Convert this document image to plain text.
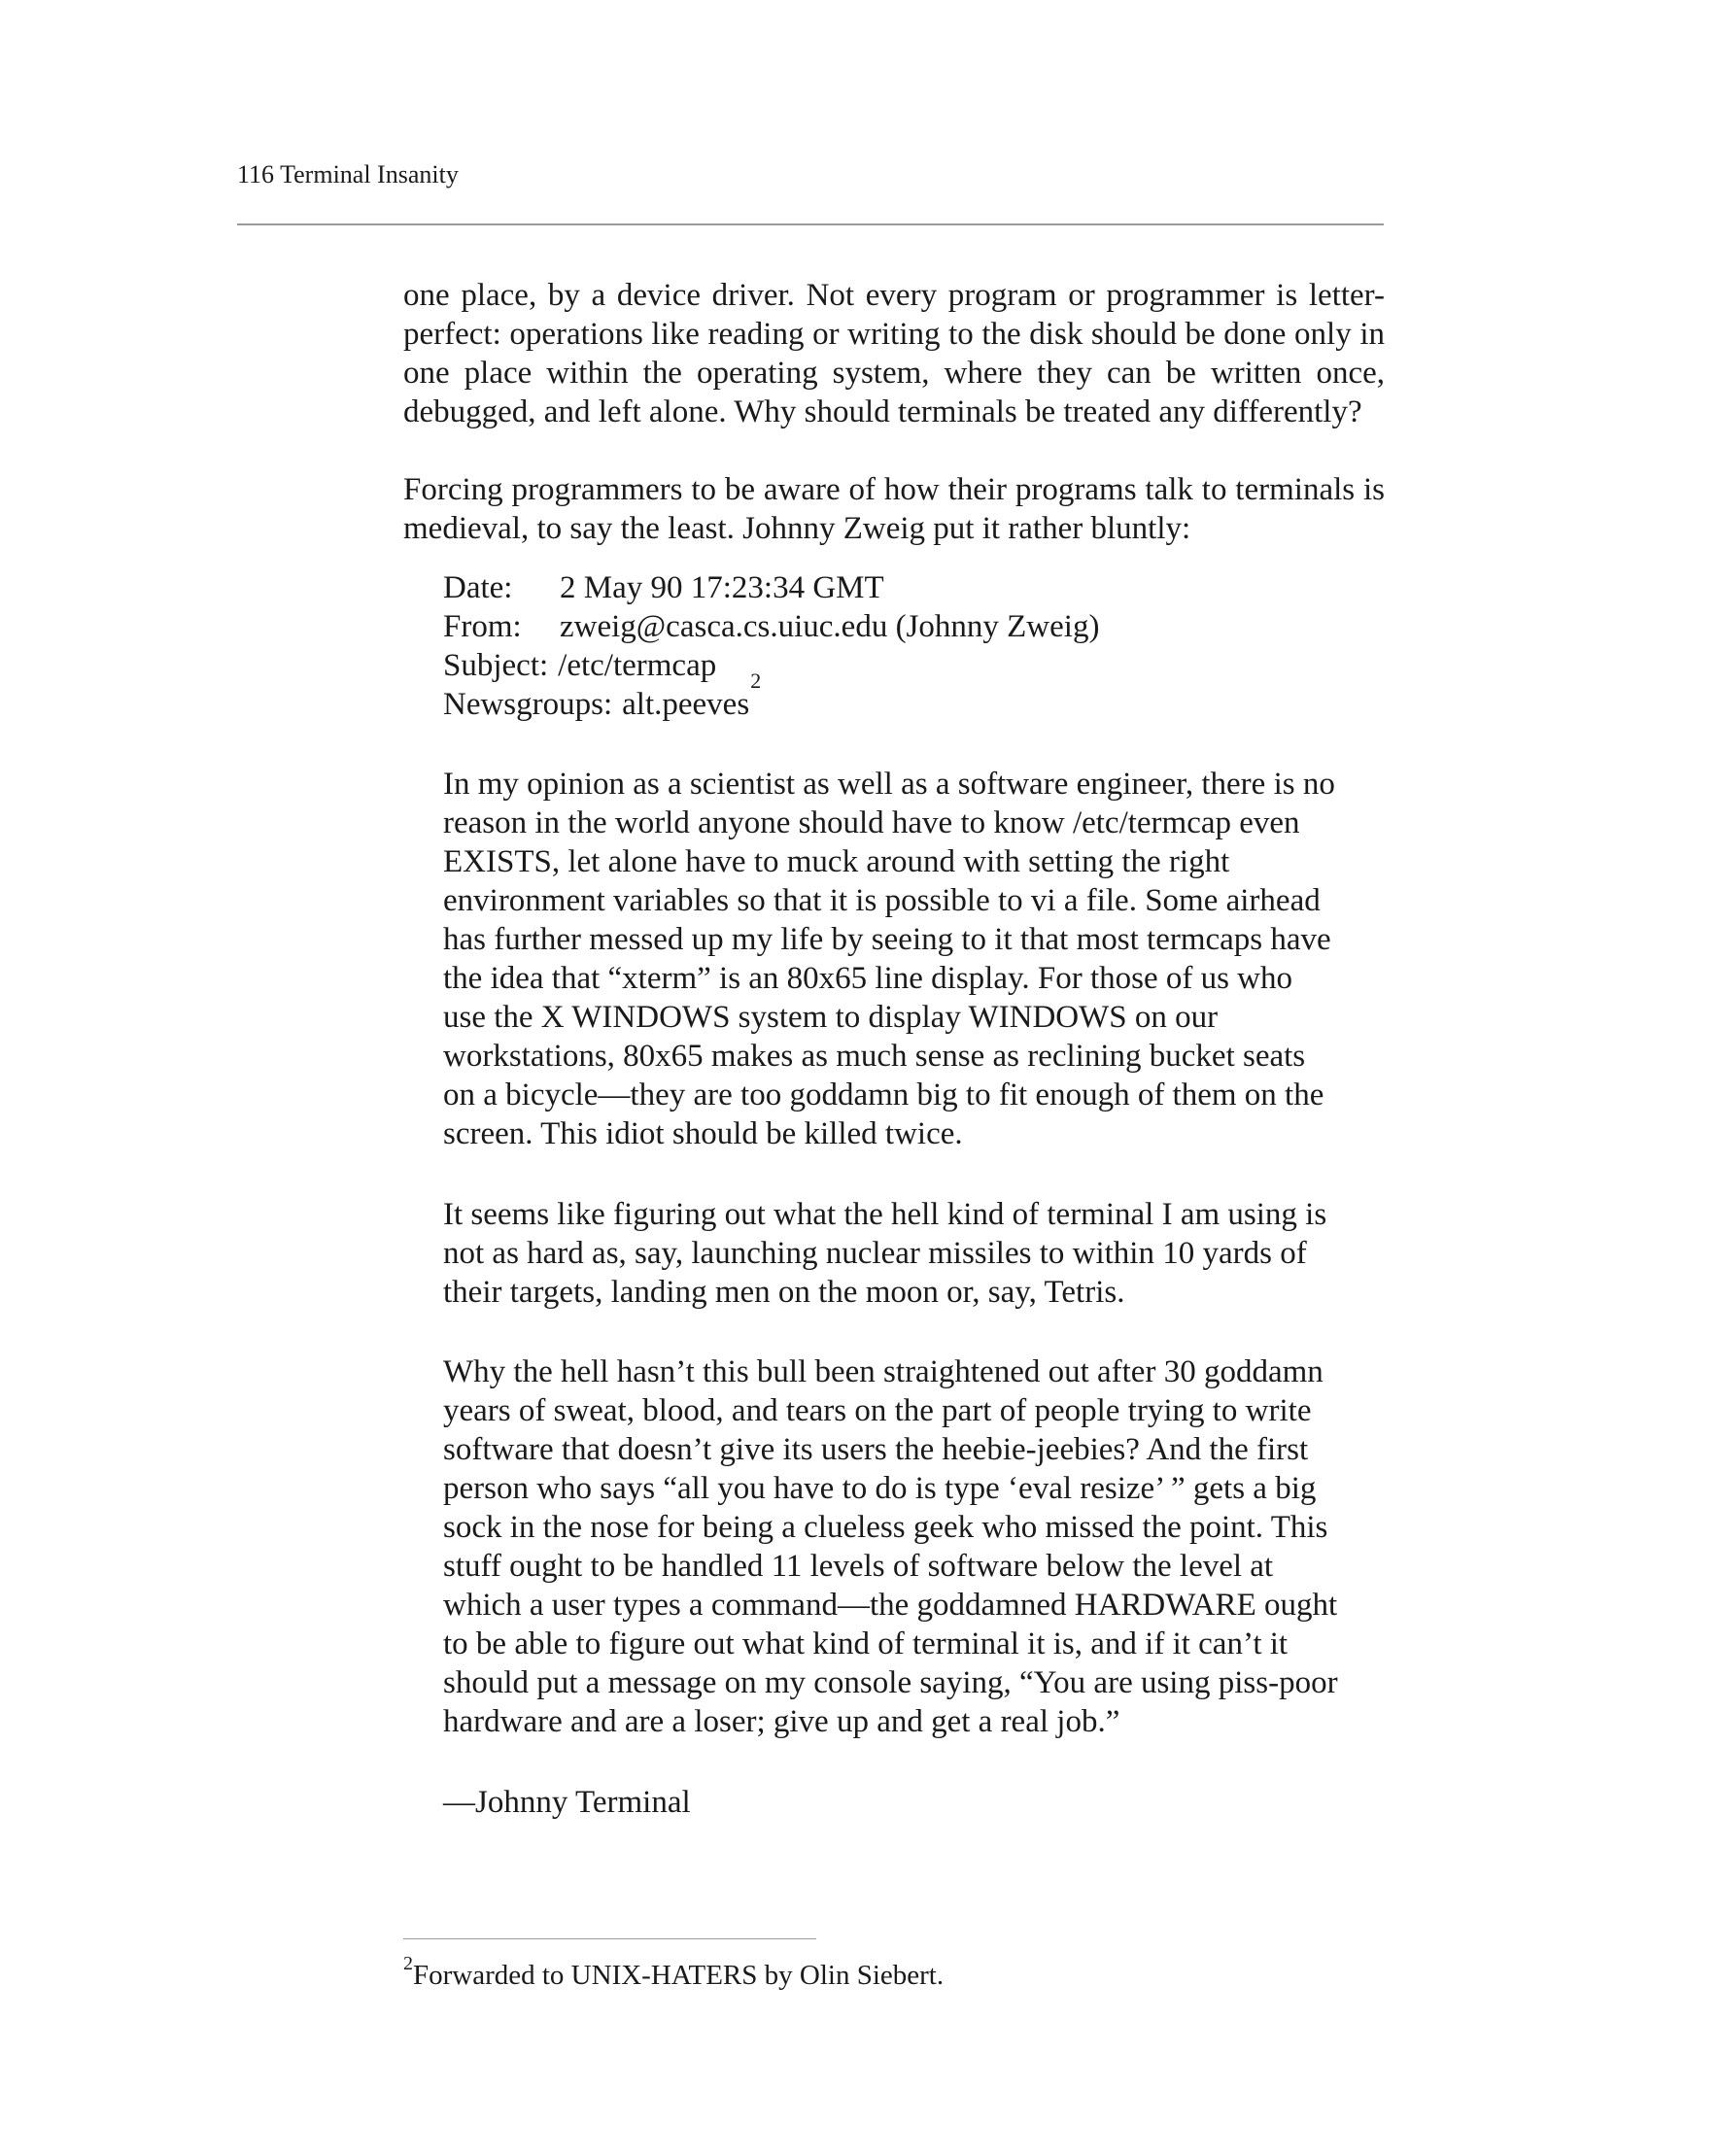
116 Terminal Insanity

one place, by a device driver. Not every program or programmer is letter-perfect: operations like reading or writing to the disk should be done only in one place within the operating system, where they can be written once, debugged, and left alone. Why should terminals be treated any differently?

Forcing programmers to be aware of how their programs talk to terminals is medieval, to say the least. Johnny Zweig put it rather bluntly:

Date:	2 May 90 17:23:34 GMT
From:	zweig@casca.cs.uiuc.edu (Johnny Zweig)
Subject: /etc/termcap
Newsgroups: alt.peeves
$^2$

In my opinion as a scientist as well as a software engineer, there is no reason in the world anyone should have to know /etc/termcap even EXISTS, let alone have to muck around with setting the right environment variables so that it is possible to vi a file. Some airhead has further messed up my life by seeing to it that most termcaps have the idea that “xterm” is an 80x65 line display. For those of us who use the X WINDOWS system to display WINDOWS on our workstations, 80x65 makes as much sense as reclining bucket seats on a bicycle—they are too goddamn big to fit enough of them on the screen. This idiot should be killed twice.

It seems like figuring out what the hell kind of terminal I am using is not as hard as, say, launching nuclear missiles to within 10 yards of their targets, landing men on the moon or, say, Tetris.

Why the hell hasn’t this bull been straightened out after 30 goddamn years of sweat, blood, and tears on the part of people trying to write software that doesn’t give its users the heebie-jeebies? And the first person who says “all you have to do is type ‘eval resize’ ” gets a big sock in the nose for being a clueless geek who missed the point. This stuff ought to be handled 11 levels of software below the level at which a user types a command—the goddamned HARDWARE ought to be able to figure out what kind of terminal it is, and if it can’t it should put a message on my console saying, “You are using piss-poor hardware and are a loser; give up and get a real job.”

—Johnny Terminal

$^2$Forwarded to UNIX-HATERS by Olin Siebert.
